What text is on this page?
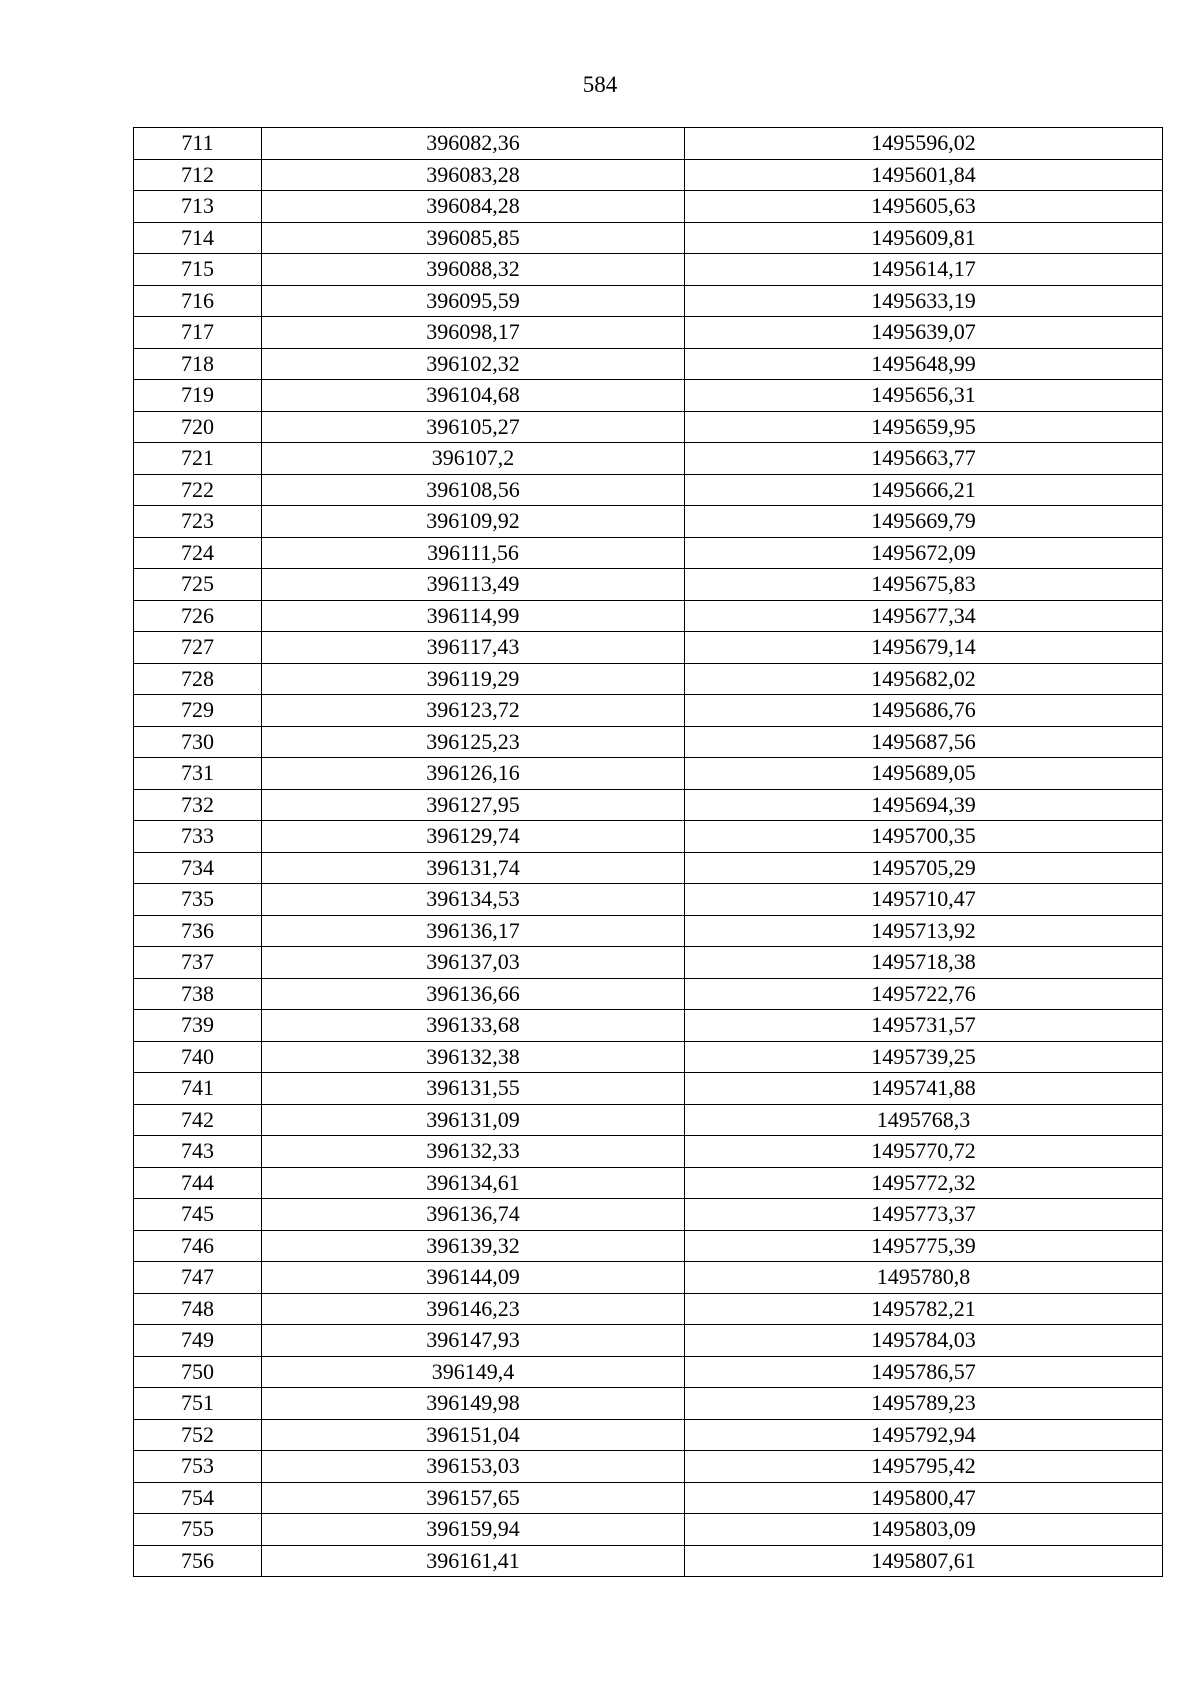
584
711	396082,36	1495596,02
712	396083,28	1495601,84
713	396084,28	1495605,63
714	396085,85	1495609,81
715	396088,32	1495614,17
716	396095,59	1495633,19
717	396098,17	1495639,07
718	396102,32	1495648,99
719	396104,68	1495656,31
720	396105,27	1495659,95
721	396107,2	1495663,77
722	396108,56	1495666,21
723	396109,92	1495669,79
724	396111,56	1495672,09
725	396113,49	1495675,83
726	396114,99	1495677,34
727	396117,43	1495679,14
728	396119,29	1495682,02
729	396123,72	1495686,76
730	396125,23	1495687,56
731	396126,16	1495689,05
732	396127,95	1495694,39
733	396129,74	1495700,35
734	396131,74	1495705,29
735	396134,53	1495710,47
736	396136,17	1495713,92
737	396137,03	1495718,38
738	396136,66	1495722,76
739	396133,68	1495731,57
740	396132,38	1495739,25
741	396131,55	1495741,88
742	396131,09	1495768,3
743	396132,33	1495770,72
744	396134,61	1495772,32
745	396136,74	1495773,37
746	396139,32	1495775,39
747	396144,09	1495780,8
748	396146,23	1495782,21
749	396147,93	1495784,03
750	396149,4	1495786,57
751	396149,98	1495789,23
752	396151,04	1495792,94
753	396153,03	1495795,42
754	396157,65	1495800,47
755	396159,94	1495803,09
756	396161,41	1495807,61
